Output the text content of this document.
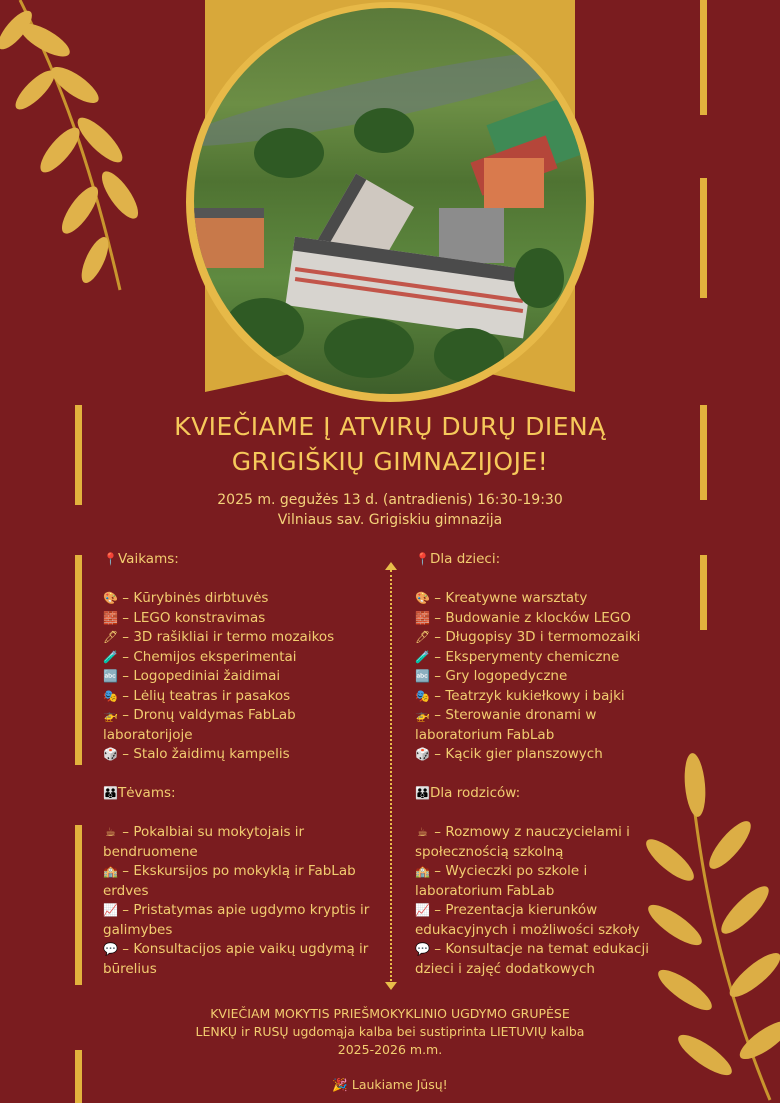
KVIEČIAME Į ATVIRŲ DURŲ DIENĄ
GRIGIŠKIŲ GIMNAZIJOJE!
2025 m. gegužės 13 d. (antradienis) 16:30-19:30
Vilniaus sav. Grigiskiu gimnazija
📍Vaikams:
🎨 – Kūrybinės dirbtuvės
🧱 – LEGO konstravimas
🖊 – 3D rašikliai ir termo mozaikos
🧪 – Chemijos eksperimentai
🔤 – Logopediniai žaidimai
🎭 – Lėlių teatras ir pasakos
🚁 – Dronų valdymas FabLab laboratorijoje
🎲 – Stalo žaidimų kampelis
👪Tėvams:
☕ – Pokalbiai su mokytojais ir bendruomene
🏫 – Ekskursijos po mokyklą ir FabLab erdves
📈 – Pristatymas apie ugdymo kryptis ir galimybes
💬 – Konsultacijos apie vaikų ugdymą ir būrelius
📍Dla dzieci:
🎨 – Kreatywne warsztaty
🧱 – Budowanie z klocków LEGO
🖊 – Długopisy 3D i termomozaiki
🧪 – Eksperymenty chemiczne
🔤 – Gry logopedyczne
🎭 – Teatrzyk kukiełkowy i bajki
🚁 – Sterowanie dronami w laboratorium FabLab
🎲 – Kącik gier planszowych
👪Dla rodziców:
☕ – Rozmowy z nauczycielami i społecznością szkolną
🏫 – Wycieczki po szkole i laboratorium FabLab
📈 – Prezentacja kierunków edukacyjnych i możliwości szkoły
💬 – Konsultacje na temat edukacji dzieci i zajęć dodatkowych
KVIEČIAM MOKYTIS PRIEŠMOKYKLINIO UGDYMO GRUPĖSE
LENKŲ ir RUSŲ ugdomąja kalba bei sustiprinta LIETUVIŲ kalba
2025-2026 m.m.
🎉 Laukiame Jūsų!
